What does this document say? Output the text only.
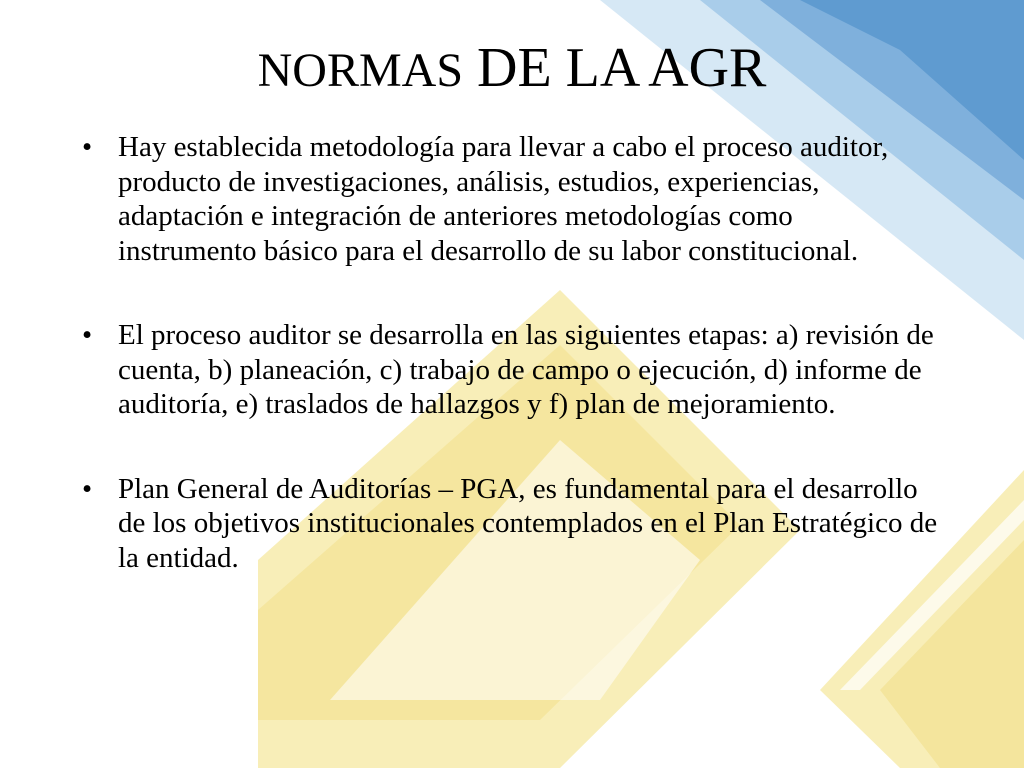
NORMAS DE LA AGR
• Hay establecida metodología para llevar a cabo el proceso auditor, producto de investigaciones, análisis, estudios, experiencias, adaptación e integración de anteriores metodologías como instrumento básico para el desarrollo de su labor constitucional.
• El proceso auditor se desarrolla en las siguientes etapas: a) revisión de cuenta, b) planeación, c) trabajo de campo o ejecución, d) informe de auditoría, e) traslados de hallazgos y f) plan de mejoramiento.
• Plan General de Auditorías – PGA, es fundamental para el desarrollo de los objetivos institucionales contemplados en el Plan Estratégico de la entidad.
